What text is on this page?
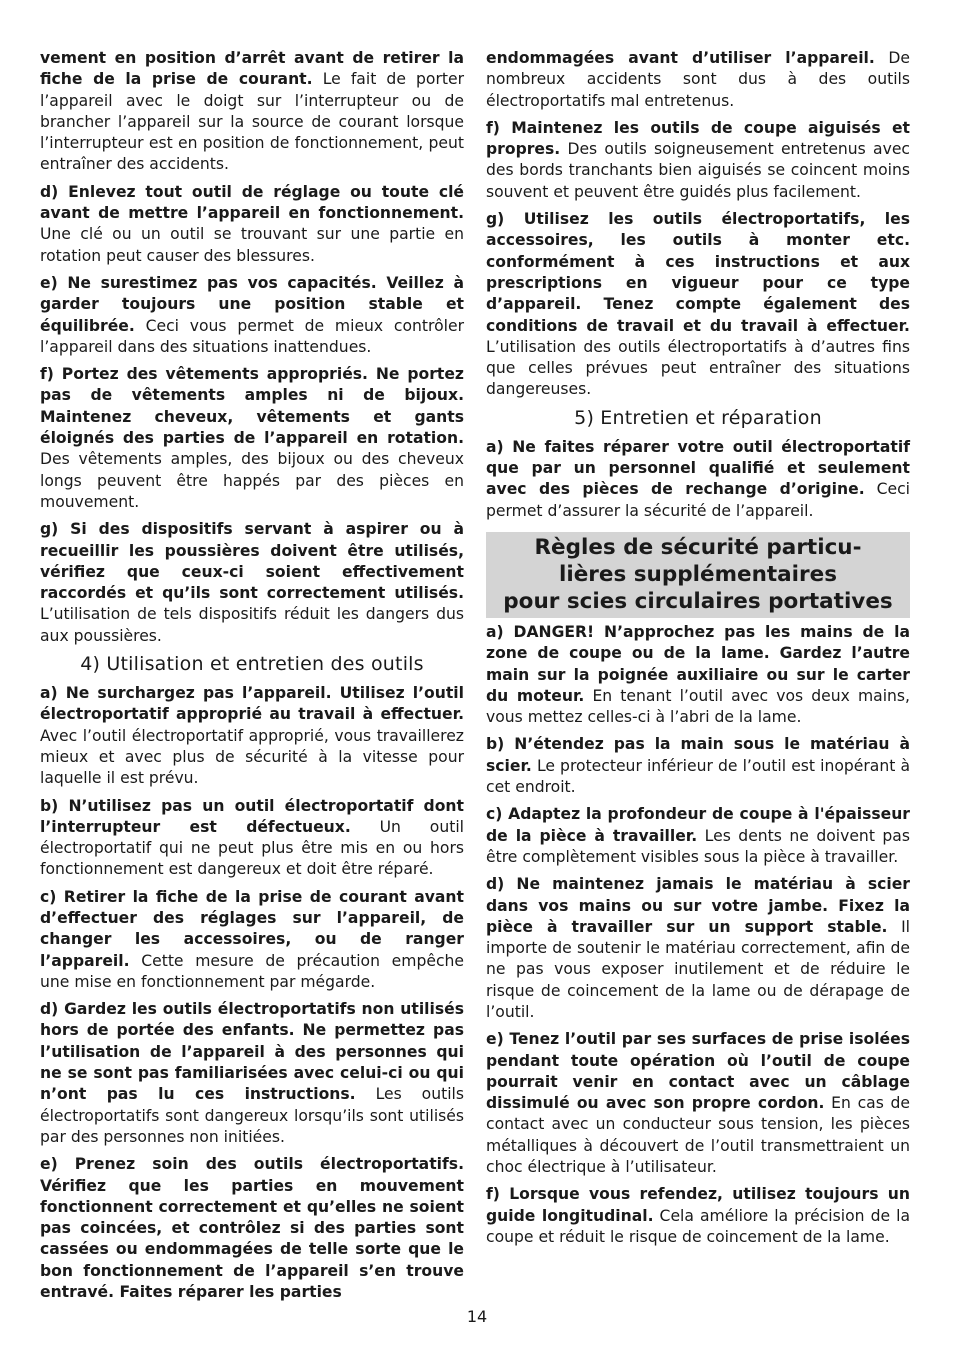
vement en position d’arrêt avant de retirer la fiche de la prise de courant. Le fait de porter l’appareil avec le doigt sur l’interrupteur ou de brancher l’appareil sur la source de courant lorsque l’interrupteur est en position de fonctionnement, peut entraîner des accidents.

d) Enlevez tout outil de réglage ou toute clé avant de mettre l’appareil en fonctionnement. Une clé ou un outil se trouvant sur une partie en rotation peut causer des blessures.

e) Ne surestimez pas vos capacités. Veillez à garder toujours une position stable et équilibrée. Ceci vous permet de mieux contrôler l’appareil dans des situations inattendues.

f) Portez des vêtements appropriés. Ne portez pas de vêtements amples ni de bijoux. Maintenez cheveux, vêtements et gants éloignés des parties de l’appareil en rotation. Des vêtements amples, des bijoux ou des cheveux longs peuvent être happés par des pièces en mouvement.

g) Si des dispositifs servant à aspirer ou à recueillir les poussières doivent être utilisés, vérifiez que ceux-ci soient effectivement raccordés et qu’ils sont correctement utilisés. L’utilisation de tels dispositifs réduit les dangers dus aux poussières.

4) Utilisation et entretien des outils

a) Ne surchargez pas l’appareil. Utilisez l’outil électroportatif approprié au travail à effectuer. Avec l’outil électroportatif approprié, vous travaillerez mieux et avec plus de sécurité à la vitesse pour laquelle il est prévu.

b) N’utilisez pas un outil électroportatif dont l’interrupteur est défectueux. Un outil électroportatif qui ne peut plus être mis en ou hors fonctionnement est dangereux et doit être réparé.

c) Retirer la fiche de la prise de courant avant d’effectuer des réglages sur l’appareil, de changer les accessoires, ou de ranger l’appareil. Cette mesure de précaution empêche une mise en fonctionnement par mégarde.

d) Gardez les outils électroportatifs non utilisés hors de portée des enfants. Ne permettez pas l’utilisation de l’appareil à des personnes qui ne se sont pas familiarisées avec celui-ci ou qui n’ont pas lu ces instructions. Les outils électroportatifs sont dangereux lorsqu’ils sont utilisés par des personnes non initiées.

e) Prenez soin des outils électroportatifs. Vérifiez que les parties en mouvement fonctionnent correctement et qu’elles ne soient pas coincées, et contrôlez si des parties sont cassées ou endommagées de telle sorte que le bon fonctionnement de l’appareil s’en trouve entravé. Faites réparer les parties

endommagées avant d’utiliser l’appareil. De nombreux accidents sont dus à des outils électroportatifs mal entretenus.

f) Maintenez les outils de coupe aiguisés et propres. Des outils soigneusement entretenus avec des bords tranchants bien aiguisés se coincent moins souvent et peuvent être guidés plus facilement.

g) Utilisez les outils électroportatifs, les accessoires, les outils à monter etc. conformément à ces instructions et aux prescriptions en vigueur pour ce type d’appareil. Tenez compte également des conditions de travail et du travail à effectuer. L’utilisation des outils électroportatifs à d’autres fins que celles prévues peut entraîner des situations dangereuses.

5) Entretien et réparation

a) Ne faites réparer votre outil électroportatif que par un personnel qualifié et seulement avec des pièces de rechange d’origine. Ceci permet d’assurer la sécurité de l’appareil.

Règles de sécurité particu-
lières supplémentaires
pour scies circulaires portatives

a) DANGER! N’approchez pas les mains de la zone de coupe ou de la lame. Gardez l’autre main sur la poignée auxiliaire ou sur le carter du moteur. En tenant l’outil avec vos deux mains, vous mettez celles-ci à l’abri de la lame.

b) N’étendez pas la main sous le matériau à scier. Le protecteur inférieur de l’outil est inopérant à cet endroit.

c) Adaptez la profondeur de coupe à l'épaisseur de la pièce à travailler. Les dents ne doivent pas être complètement visibles sous la pièce à travailler.

d) Ne maintenez jamais le matériau à scier dans vos mains ou sur votre jambe. Fixez la pièce à travailler sur un support stable. Il importe de soutenir le matériau correctement, afin de ne pas vous exposer inutilement et de réduire le risque de coincement de la lame ou de dérapage de l’outil.

e) Tenez l’outil par ses surfaces de prise isolées pendant toute opération où l’outil de coupe pourrait venir en contact avec un câblage dissimulé ou avec son propre cordon. En cas de contact avec un conducteur sous tension, les pièces métalliques à découvert de l’outil transmettraient un choc électrique à l’utilisateur.

f) Lorsque vous refendez, utilisez toujours un guide longitudinal. Cela améliore la précision de la coupe et réduit le risque de coincement de la lame.

14
